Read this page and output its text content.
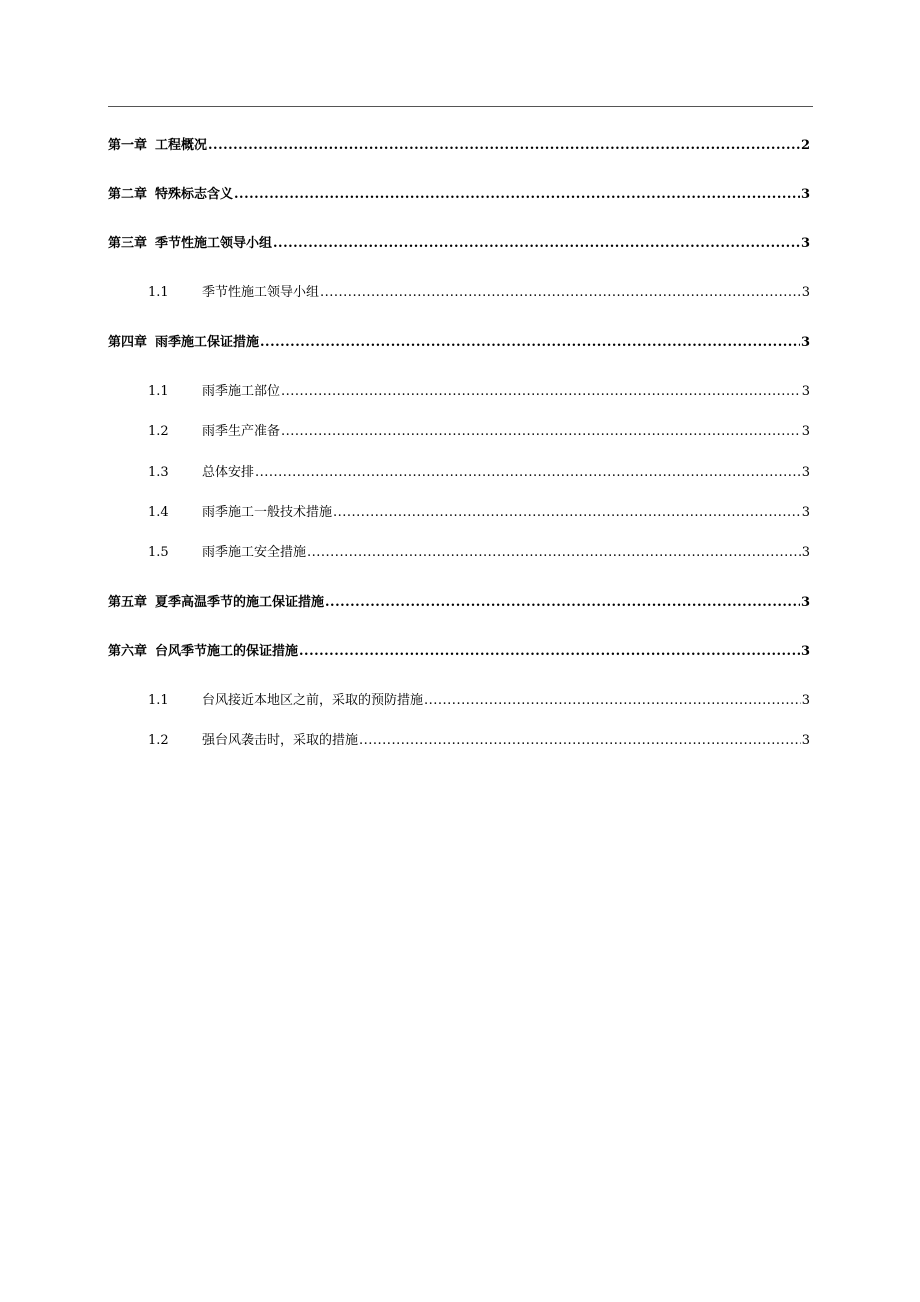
第一章 工程概况 .....	2
第二章 特殊标志含义 .....	3
第三章 季节性施工领导小组 .....	3
1.1	季节性施工领导小组 .....	3
第四章 雨季施工保证措施 .....	3
1.1	雨季施工部位 .....	3
1.2	雨季生产准备 .....	3
1.3	总体安排 .....	3
1.4	雨季施工一般技术措施 .....	3
1.5	雨季施工安全措施 .....	3
第五章 夏季高温季节的施工保证措施 .....	3
第六章 台风季节施工的保证措施 .....	3
1.1	台风接近本地区之前，采取的预防措施 .....	3
1.2	强台风袭击时，采取的措施 .....	3
